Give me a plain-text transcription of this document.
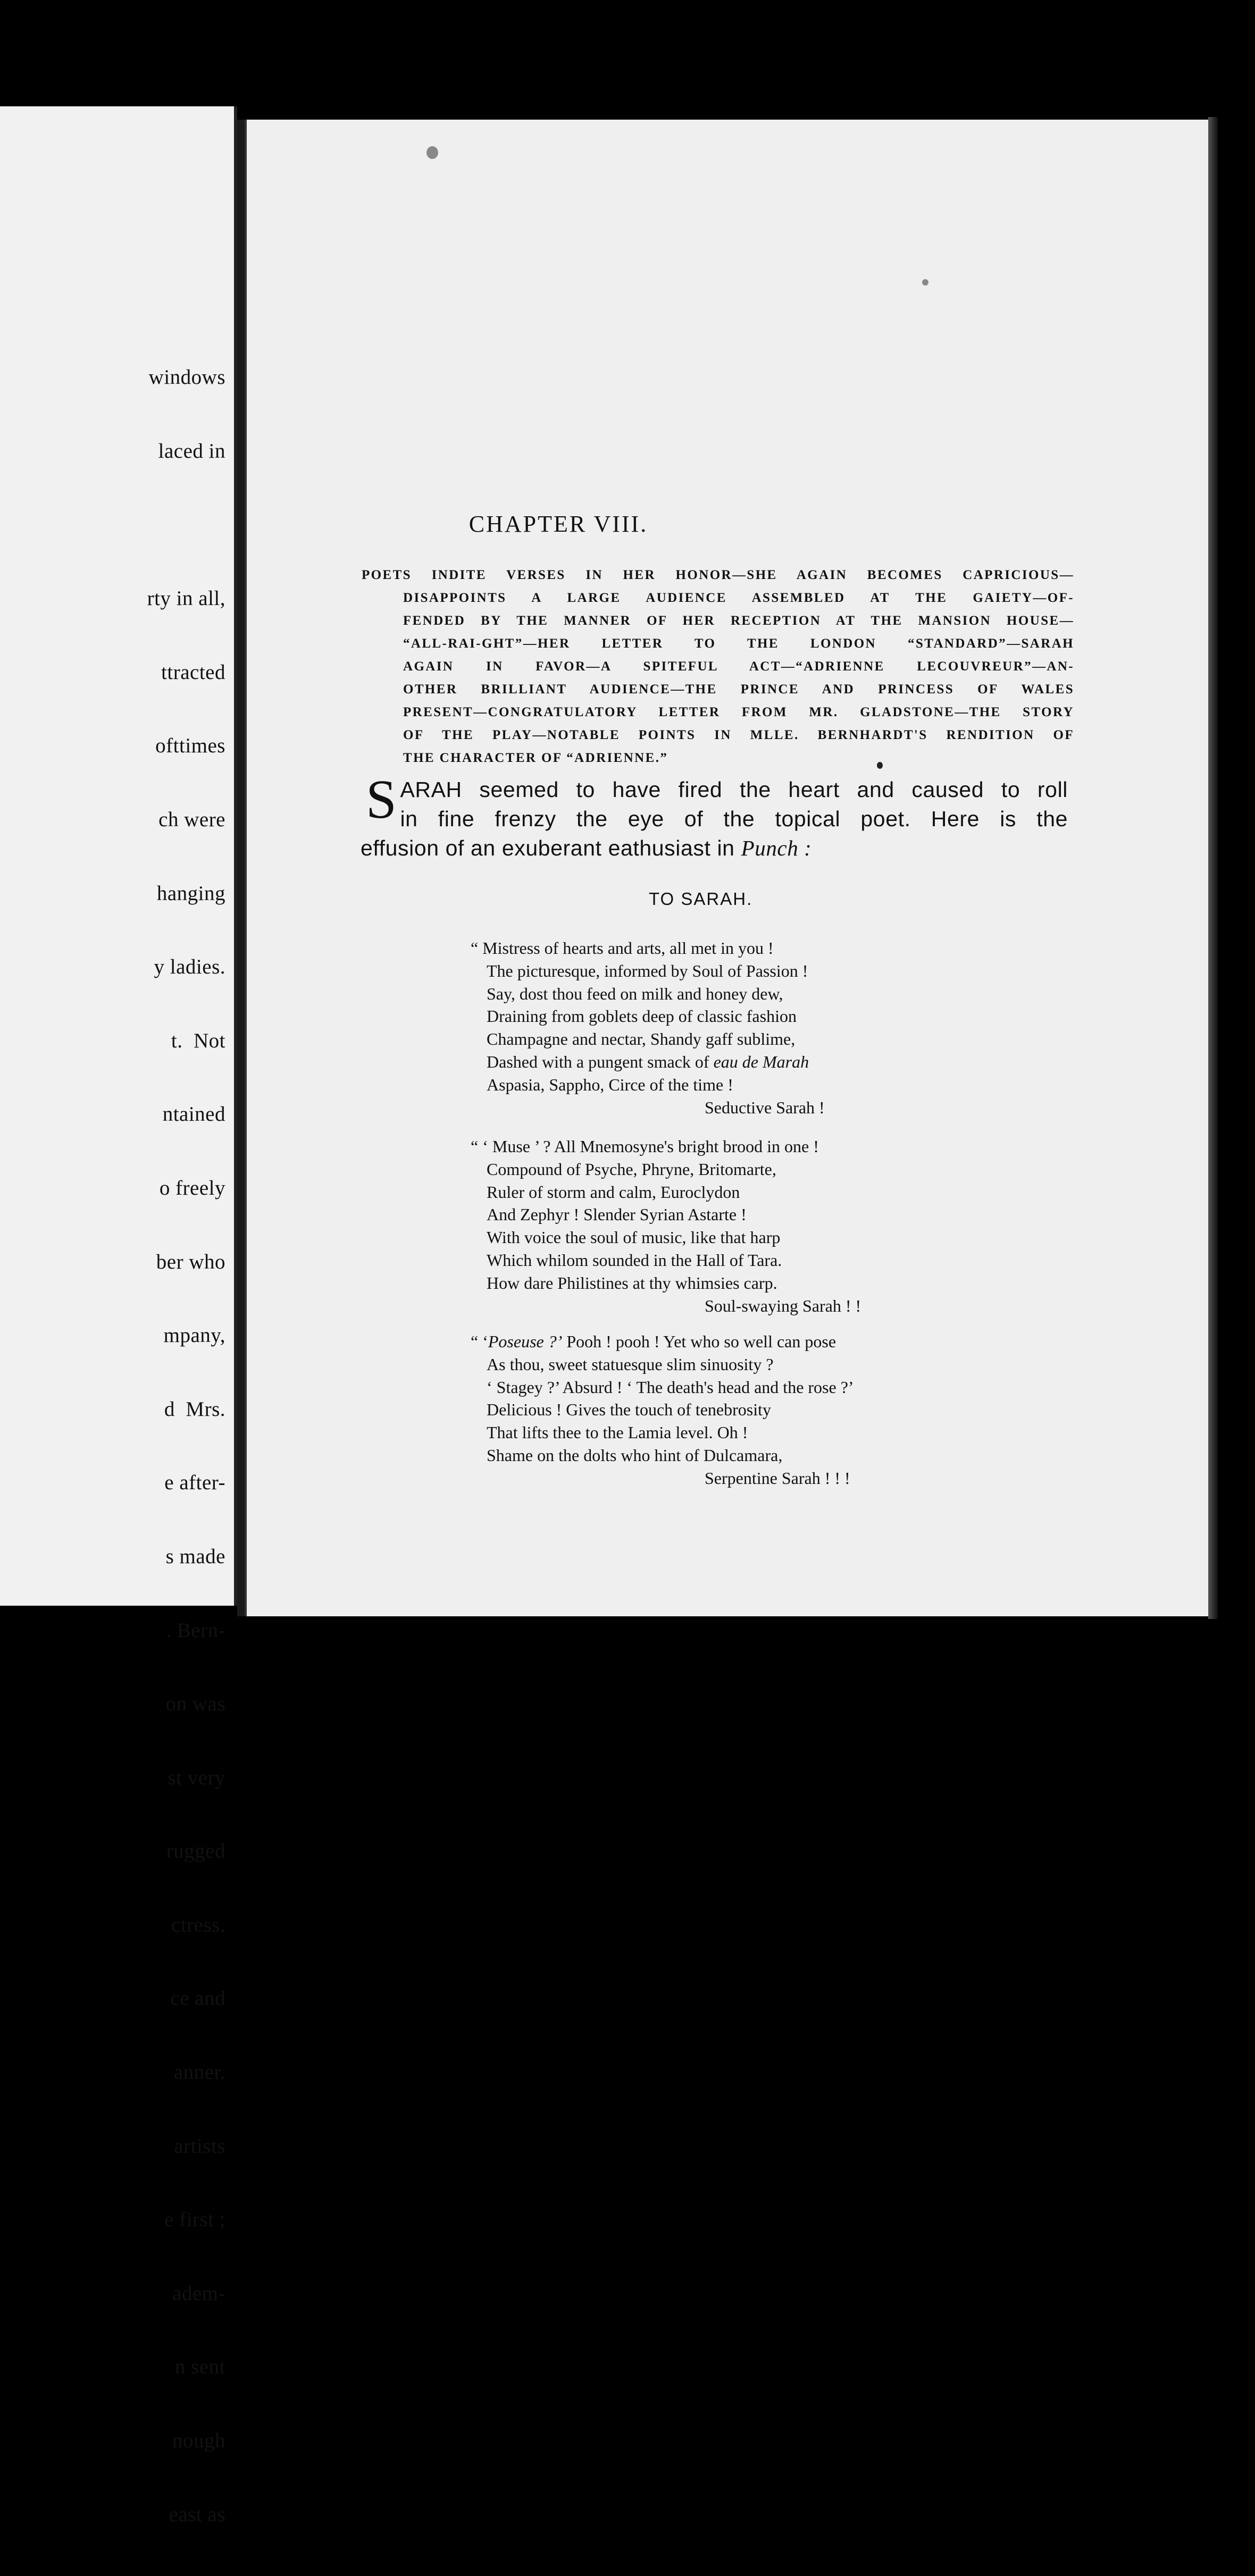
windows

laced in

rty in all,

ttracted

ofttimes

ch were

hanging

y ladies.

t.  Not

ntained

o freely

ber who

mpany,

d  Mrs.

e after-

s made

. Bern-

on was

st very

rugged

ctress.

ce and

anner.

artists

e first ;

adem-

n sent

nough

east as

CHAPTER VIII.
POETS INDITE VERSES IN HER HONOR—SHE AGAIN BECOMES CAPRICIOUS—
DISAPPOINTS A LARGE AUDIENCE ASSEMBLED AT THE GAIETY—OF-
FENDED BY THE MANNER OF HER RECEPTION AT THE MANSION HOUSE—
“ALL-RAI-GHT”—HER LETTER TO THE LONDON “STANDARD”—SARAH
AGAIN IN FAVOR—A SPITEFUL ACT—“ADRIENNE LECOUVREUR”—AN-
OTHER BRILLIANT AUDIENCE—THE PRINCE AND PRINCESS OF WALES
PRESENT—CONGRATULATORY LETTER FROM MR. GLADSTONE—THE STORY
OF THE PLAY—NOTABLE POINTS IN MLLE. BERNHARDT'S RENDITION OF
THE CHARACTER OF “ADRIENNE.”
S ARAH seemed to have fired the heart and caused to roll
in fine frenzy the eye of the topical poet. Here is the
effusion of an exuberant eathusiast in Punch :
TO SARAH.
“ Mistress of hearts and arts, all met in you !
The picturesque, informed by Soul of Passion !
Say, dost thou feed on milk and honey dew,
Draining from goblets deep of classic fashion
Champagne and nectar, Shandy gaff sublime,
Dashed with a pungent smack of eau de Marah
Aspasia, Sappho, Circe of the time !
Seductive Sarah !
“ ‘ Muse ’ ? All Mnemosyne's bright brood in one !
Compound of Psyche, Phryne, Britomarte,
Ruler of storm and calm, Euroclydon
And Zephyr ! Slender Syrian Astarte !
With voice the soul of music, like that harp
Which whilom sounded in the Hall of Tara.
How dare Philistines at thy whimsies carp.
Soul-swaying Sarah ! !
“ ‘Poseuse ?’ Pooh ! pooh ! Yet who so well can pose
As thou, sweet statuesque slim sinuosity ?
‘ Stagey ?’ Absurd ! ‘ The death's head and the rose ?’
Delicious ! Gives the touch of tenebrosity
That lifts thee to the Lamia level. Oh !
Shame on the dolts who hint of Dulcamara,
Serpentine Sarah ! ! !
